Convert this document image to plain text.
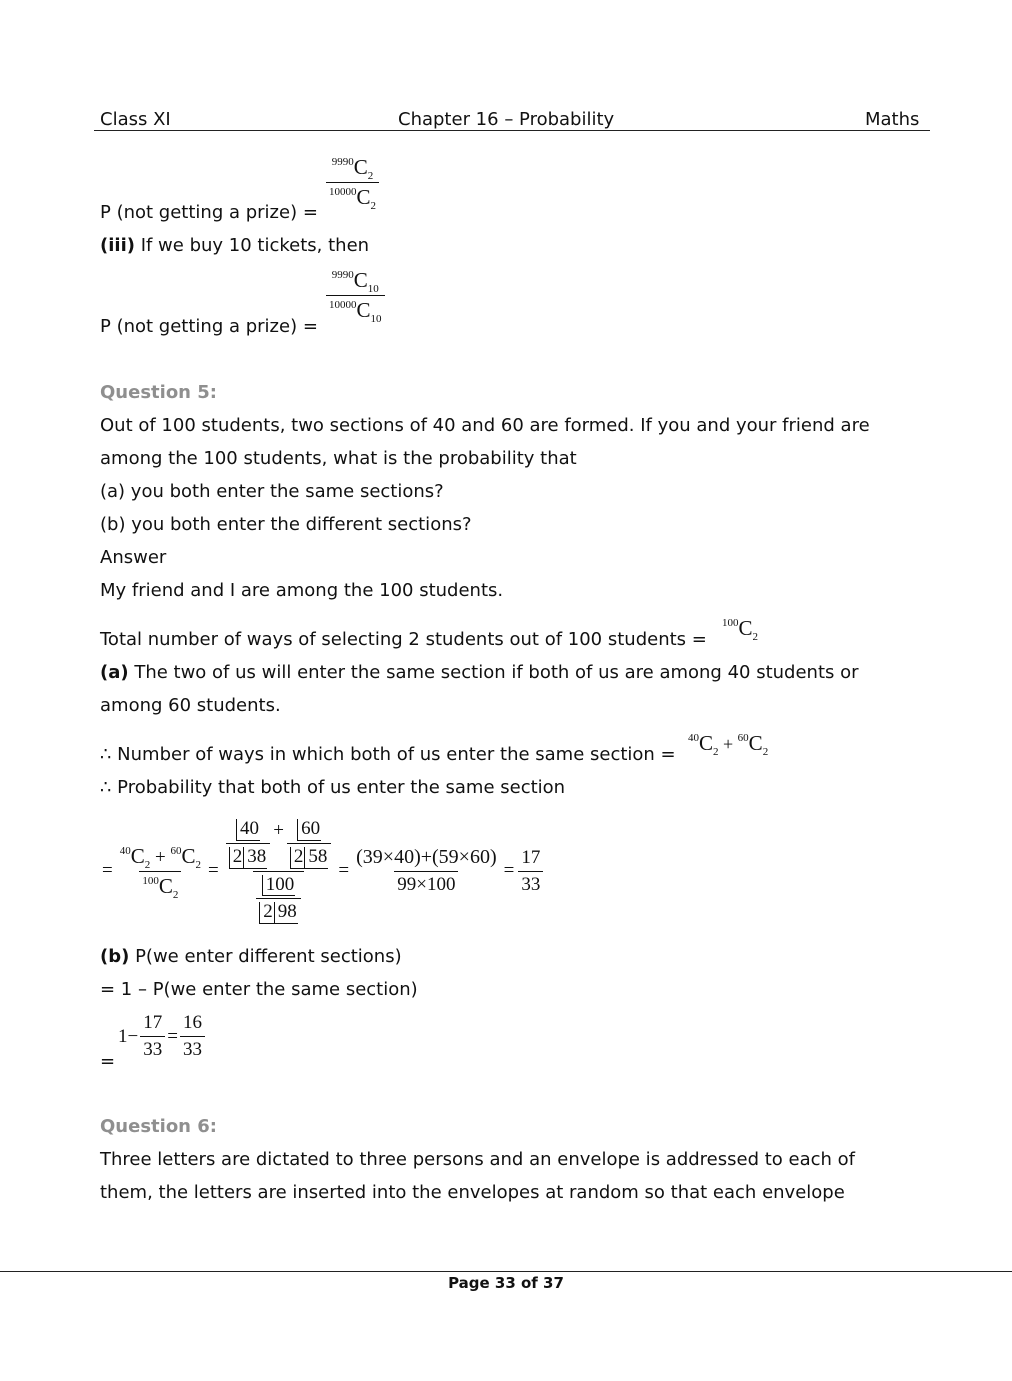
Class XI	Chapter 16 – Probability	Maths
P (not getting a prize) =
$\frac{^{9990}C_2}{^{10000}C_2}$
(iii) If we buy 10 tickets, then
P (not getting a prize) =
$\frac{^{9990}C_{10}}{^{10000}C_{10}}$
Question 5:
Out of 100 students, two sections of 40 and 60 are formed. If you and your friend are
among the 100 students, what is the probability that
(a) you both enter the same sections?
(b) you both enter the different sections?
Answer
My friend and I are among the 100 students.
Total number of ways of selecting 2 students out of 100 students =
$^{100}C_2$
(a) The two of us will enter the same section if both of us are among 40 students or
among 60 students.
∴ Number of ways in which both of us enter the same section =
$^{40}C_2 + ^{60}C_2$
∴ Probability that both of us enter the same section
= $\frac{^{40}C_2 + ^{60}C_2}{^{100}C_2} = \frac{\frac{40}{2 38} + \frac{60}{2 58}}{\frac{100}{2 98}} = \frac{(39\times 40)+(59\times 60)}{99\times 100} = \frac{17}{33}$
(b) P(we enter different sections)
= 1 – P(we enter the same section)
=
$1- \frac{17}{33} = \frac{16}{33}$
Question 6:
Three letters are dictated to three persons and an envelope is addressed to each of
them, the letters are inserted into the envelopes at random so that each envelope
Page 33 of 37
